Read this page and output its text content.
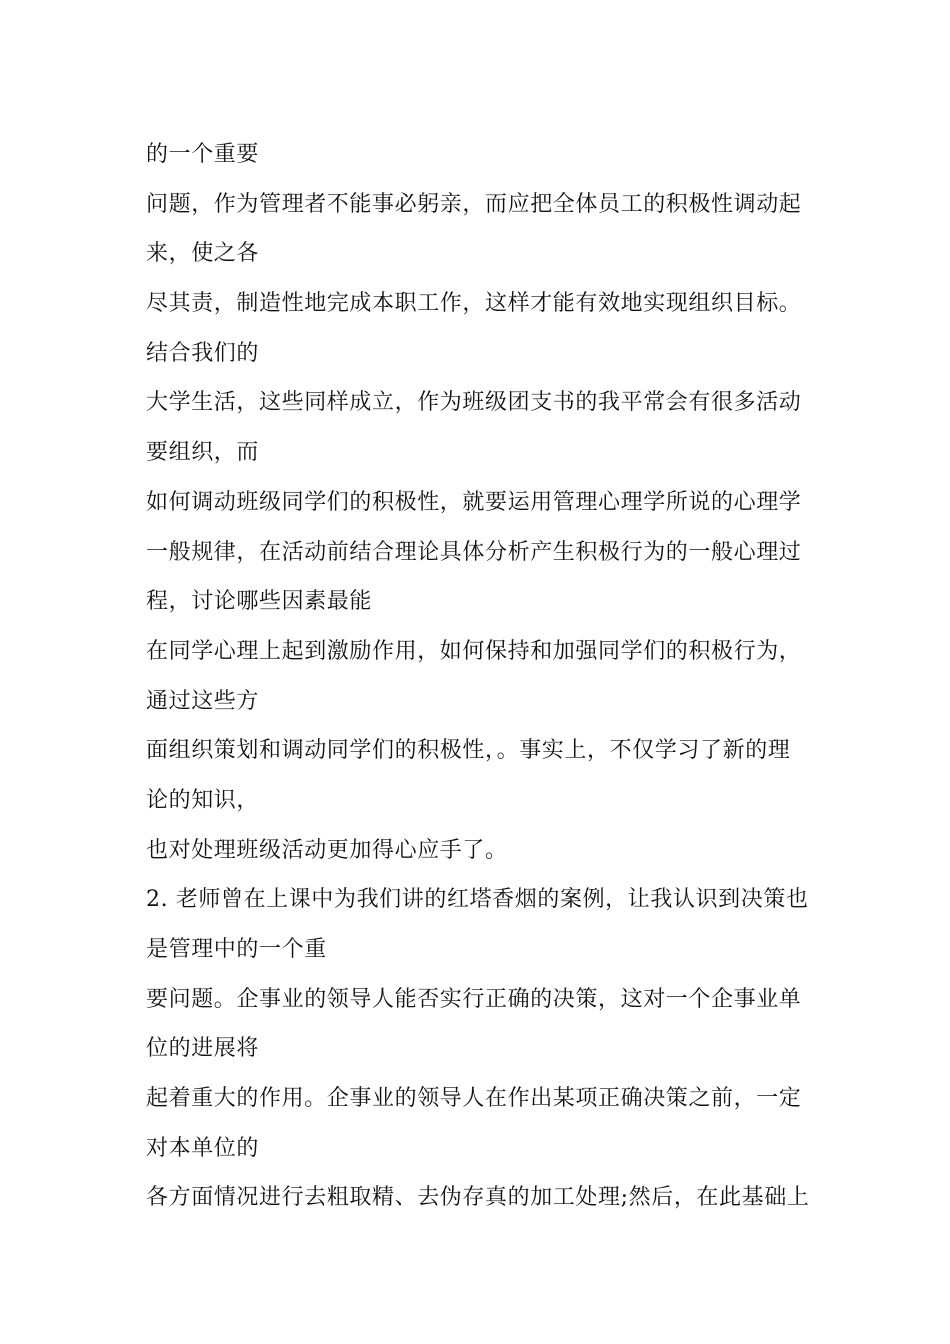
的一个重要
问题，作为管理者不能事必躬亲，而应把全体员工的积极性调动起
来，使之各
尽其责，制造性地完成本职工作，这样才能有效地实现组织目标。
结合我们的
大学生活，这些同样成立，作为班级团支书的我平常会有很多活动
要组织，而
如何调动班级同学们的积极性，就要运用管理心理学所说的心理学
一般规律，在活动前结合理论具体分析产生积极行为的一般心理过
程，讨论哪些因素最能
在同学心理上起到激励作用，如何保持和加强同学们的积极行为，
通过这些方
面组织策划和调动同学们的积极性，。事实上，不仅学习了新的理
论的知识，
也对处理班级活动更加得心应手了。
2. 老师曾在上课中为我们讲的红塔香烟的案例，让我认识到决策也
是管理中的一个重
要问题。企事业的领导人能否实行正确的决策，这对一个企事业单
位的进展将
起着重大的作用。企事业的领导人在作出某项正确决策之前，一定
对本单位的
各方面情况进行去粗取精、去伪存真的加工处理;然后，在此基础上
